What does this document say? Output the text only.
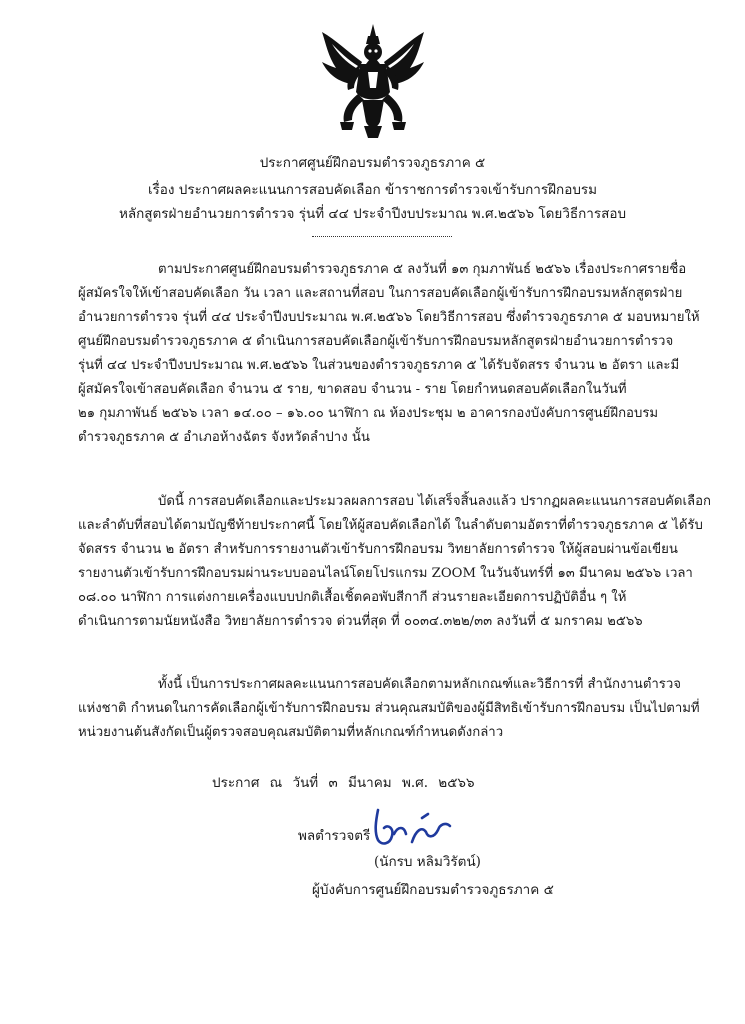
ประกาศศูนย์ฝึกอบรมตำรวจภูธรภาค ๕
เรื่อง ประกาศผลคะแนนการสอบคัดเลือก ข้าราชการตำรวจเข้ารับการฝึกอบรม
หลักสูตรฝ่ายอำนวยการตำรวจ รุ่นที่ ๔๔ ประจำปีงบประมาณ พ.ศ.๒๕๖๖ โดยวิธีการสอบ
ตามประกาศศูนย์ฝึกอบรมตำรวจภูธรภาค ๕ ลงวันที่ ๑๓ กุมภาพันธ์ ๒๕๖๖ เรื่องประกาศรายชื่อ
ผู้สมัครใจให้เข้าสอบคัดเลือก วัน เวลา และสถานที่สอบ ในการสอบคัดเลือกผู้เข้ารับการฝึกอบรมหลักสูตรฝ่าย
อำนวยการตำรวจ รุ่นที่ ๔๔ ประจำปีงบประมาณ พ.ศ.๒๕๖๖ โดยวิธีการสอบ ซึ่งตำรวจภูธรภาค ๕ มอบหมายให้
ศูนย์ฝึกอบรมตำรวจภูธรภาค ๕ ดำเนินการสอบคัดเลือกผู้เข้ารับการฝึกอบรมหลักสูตรฝ่ายอำนวยการตำรวจ
รุ่นที่ ๔๔ ประจำปีงบประมาณ พ.ศ.๒๕๖๖ ในส่วนของตำรวจภูธรภาค ๕ ได้รับจัดสรร จำนวน ๒ อัตรา และมี
ผู้สมัครใจเข้าสอบคัดเลือก จำนวน ๕ ราย, ขาดสอบ จำนวน - ราย โดยกำหนดสอบคัดเลือกในวันที่
๒๑ กุมภาพันธ์ ๒๕๖๖ เวลา ๑๔.๐๐ – ๑๖.๐๐ นาฬิกา ณ ห้องประชุม ๒ อาคารกองบังคับการศูนย์ฝึกอบรม
ตำรวจภูธรภาค ๕ อำเภอห้างฉัตร จังหวัดลำปาง นั้น
บัดนี้ การสอบคัดเลือกและประมวลผลการสอบ ได้เสร็จสิ้นลงแล้ว ปรากฏผลคะแนนการสอบคัดเลือก
และลำดับที่สอบได้ตามบัญชีท้ายประกาศนี้ โดยให้ผู้สอบคัดเลือกได้ ในลำดับตามอัตราที่ตำรวจภูธรภาค ๕ ได้รับ
จัดสรร จำนวน ๒ อัตรา สำหรับการรายงานตัวเข้ารับการฝึกอบรม วิทยาลัยการตำรวจ ให้ผู้สอบผ่านข้อเขียน
รายงานตัวเข้ารับการฝึกอบรมผ่านระบบออนไลน์โดยโปรแกรม ZOOM ในวันจันทร์ที่ ๑๓ มีนาคม ๒๕๖๖ เวลา
๐๘.๐๐ นาฬิกา การแต่งกายเครื่องแบบปกติเสื้อเชิ้ตคอพับสีกากี ส่วนรายละเอียดการปฏิบัติอื่น ๆ ให้
ดำเนินการตามนัยหนังสือ วิทยาลัยการตำรวจ ด่วนที่สุด ที่ ๐๐๓๔.๓๒๒/๓๓ ลงวันที่ ๕ มกราคม ๒๕๖๖
ทั้งนี้ เป็นการประกาศผลคะแนนการสอบคัดเลือกตามหลักเกณฑ์และวิธีการที่ สำนักงานตำรวจ
แห่งชาติ กำหนดในการคัดเลือกผู้เข้ารับการฝึกอบรม ส่วนคุณสมบัติของผู้มีสิทธิเข้ารับการฝึกอบรม เป็นไปตามที่
หน่วยงานต้นสังกัดเป็นผู้ตรวจสอบคุณสมบัติตามที่หลักเกณฑ์กำหนดดังกล่าว
ประกาศ ณ วันที่ ๓ มีนาคม พ.ศ. ๒๕๖๖
พลตำรวจตรี
(นักรบ หลิมวิรัตน์)
ผู้บังคับการศูนย์ฝึกอบรมตำรวจภูธรภาค ๕
